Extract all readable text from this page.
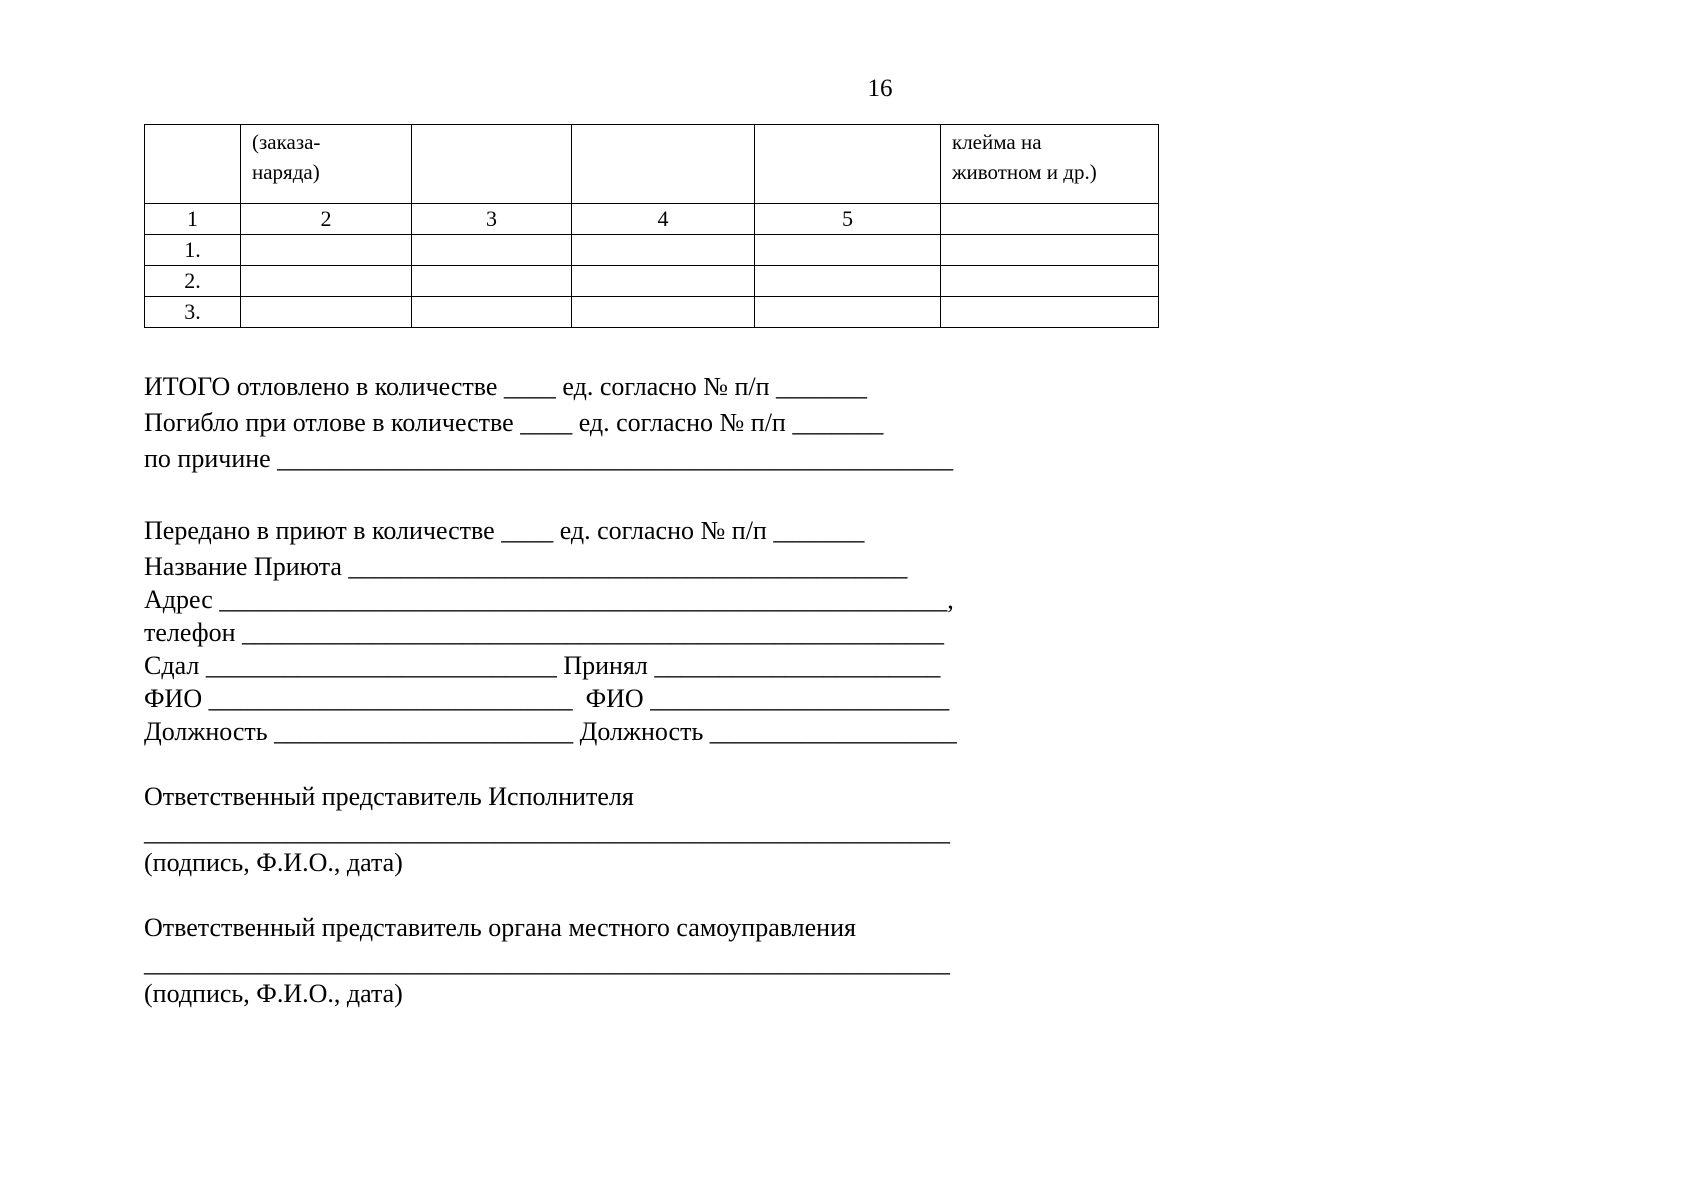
16
	(заказа-
наряда)				клейма на
животном и др.)
1	2	3	4	5	
1.					
2.					
3.					
ИТОГО отловлено в количестве ____ ед. согласно № п/п _______
Погибло при отлове в количестве ____ ед. согласно № п/п _______
по причине ____________________________________________________
Передано в приют в количестве ____ ед. согласно № п/п _______
Название Приюта ___________________________________________
Адрес ________________________________________________________,
телефон ______________________________________________________
Сдал ___________________________ Принял ______________________
ФИО ____________________________  ФИО _______________________
Должность _______________________ Должность ___________________
Ответственный представитель Исполнителя
______________________________________________________________
(подпись, Ф.И.О., дата)
Ответственный представитель органа местного самоуправления
______________________________________________________________
(подпись, Ф.И.О., дата)
